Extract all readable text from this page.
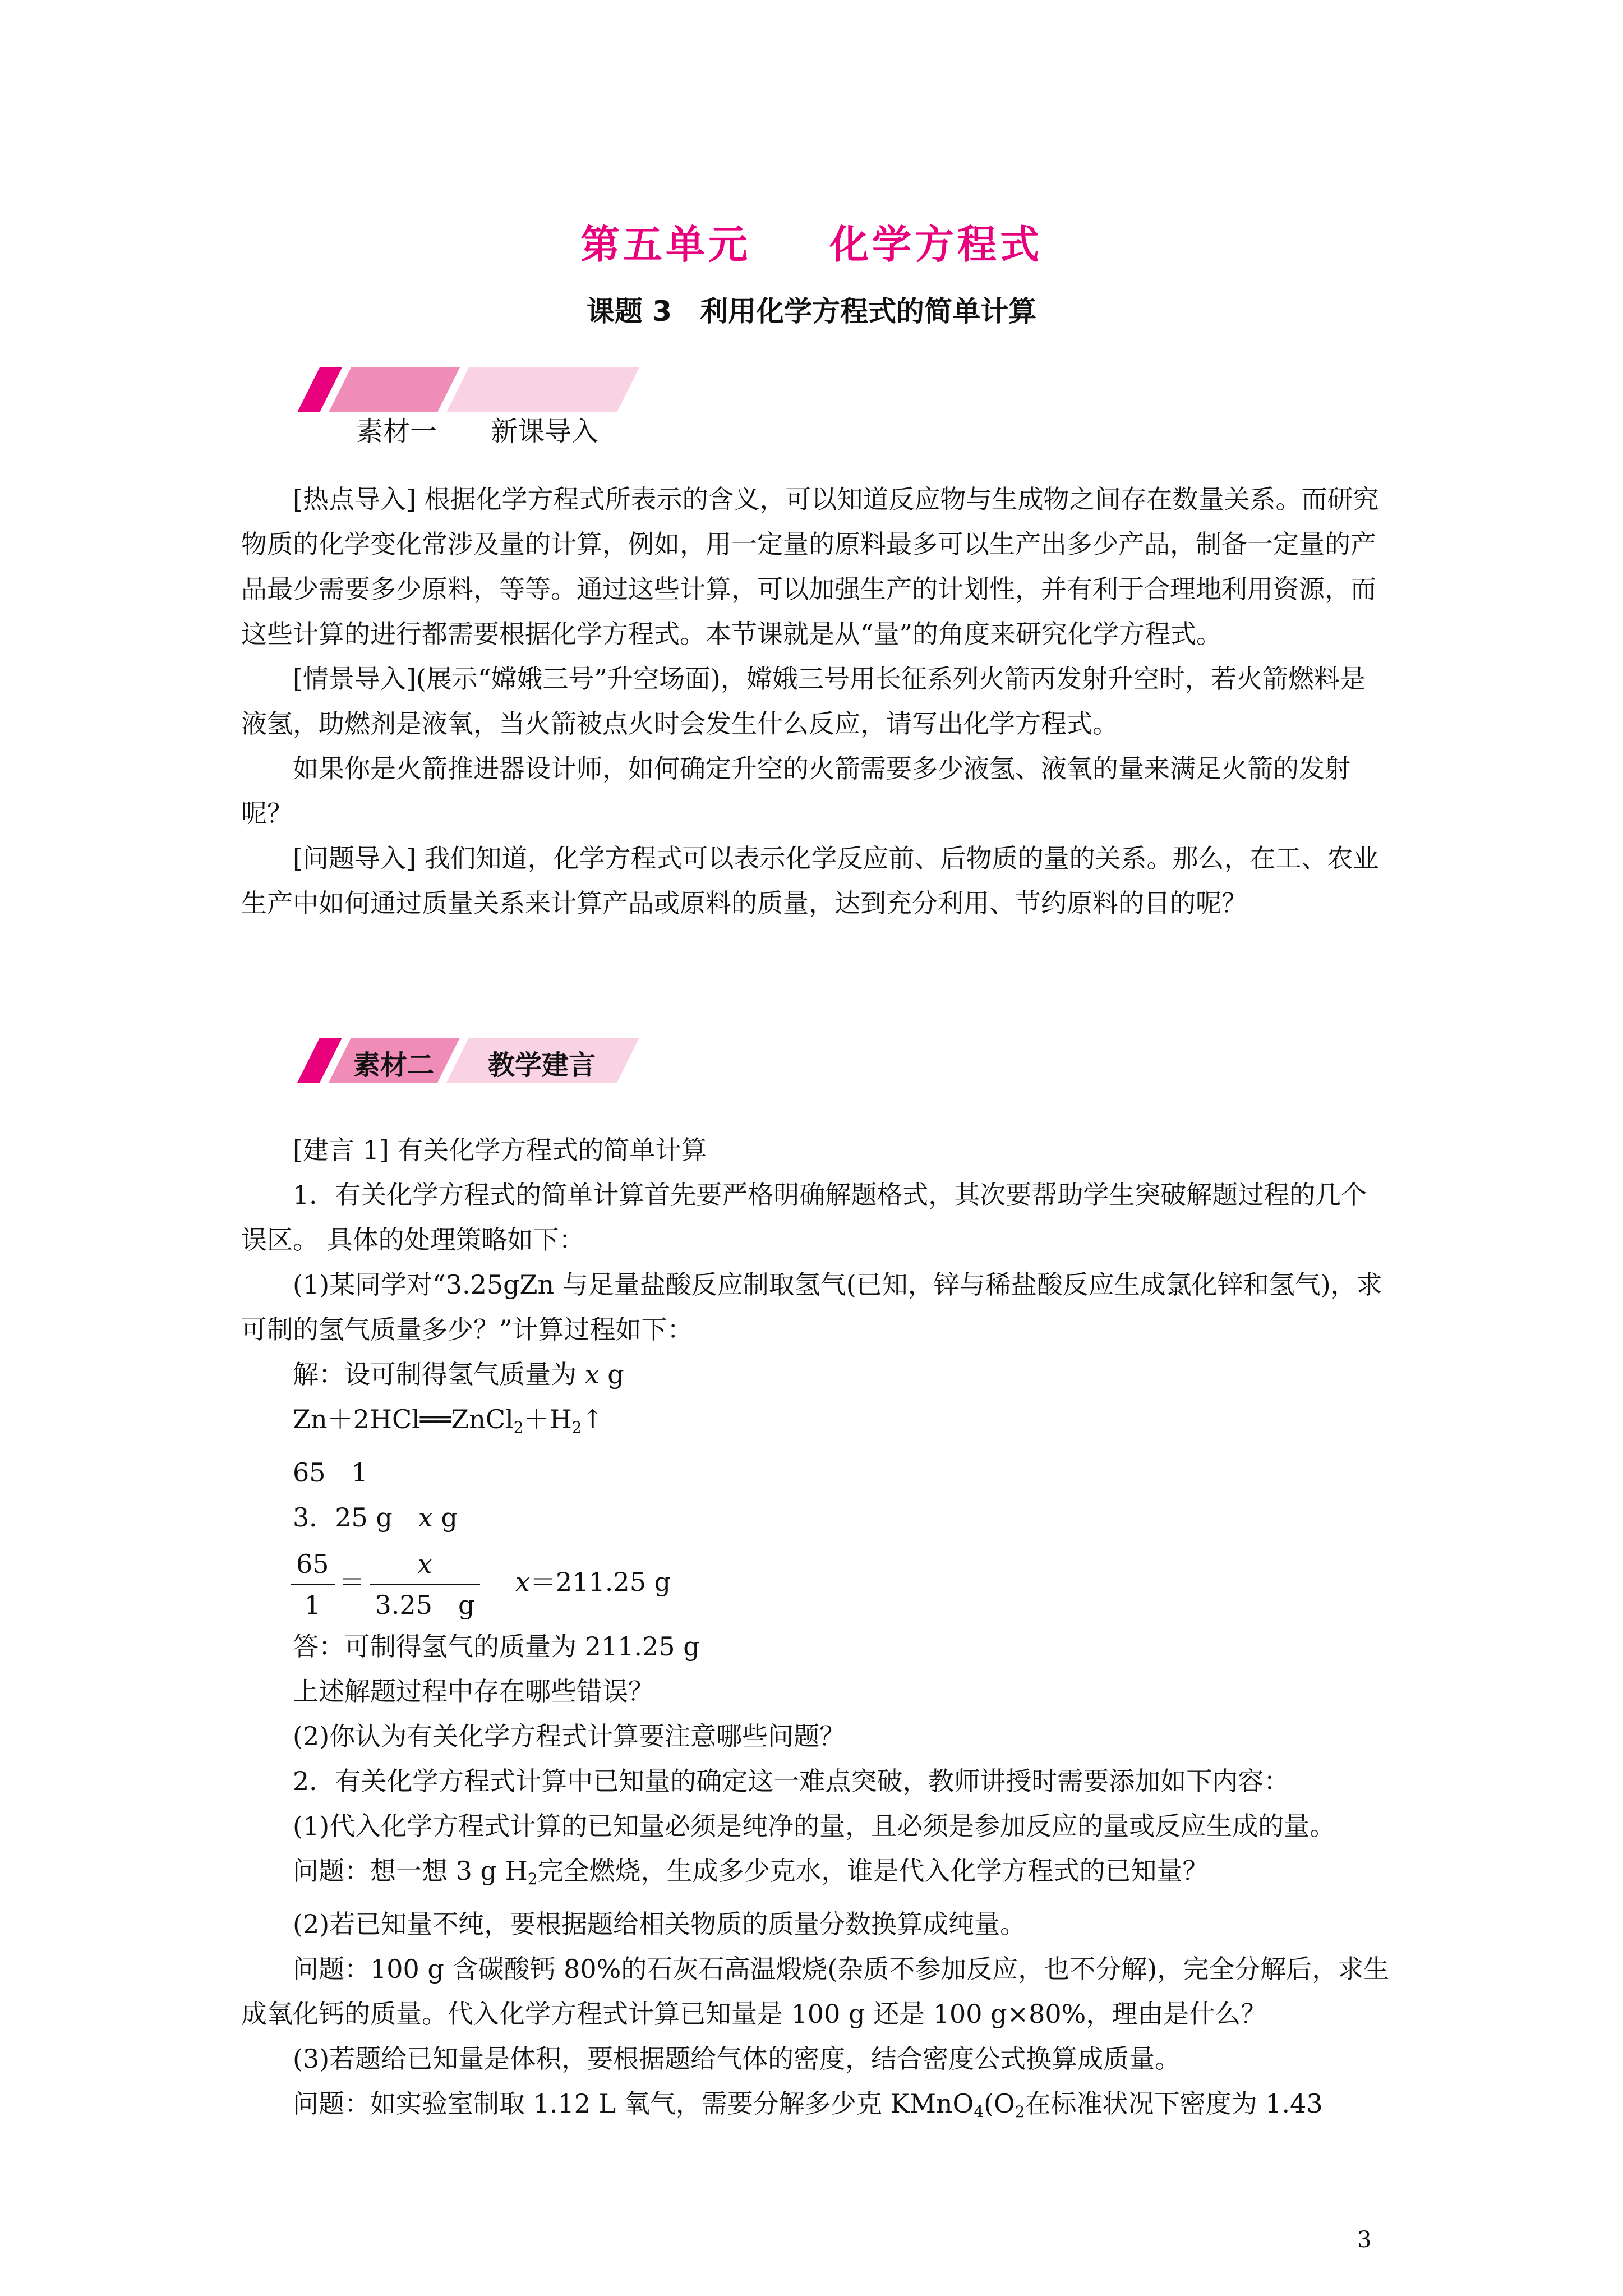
第五单元 化学方程式
课题 3　利用化学方程式的简单计算
素材一　　新课导入

[热点导入] 根据化学方程式所表示的含义，可以知道反应物与生成物之间存在数量关系。而研究物质的化学变化常涉及量的计算，例如，用一定量的原料最多可以生产出多少产品，制备一定量的产品最少需要多少原料，等等。通过这些计算，可以加强生产的计划性，并有利于合理地利用资源，而这些计算的进行都需要根据化学方程式。本节课就是从“量”的角度来研究化学方程式。

[情景导入](展示“嫦娥三号”升空场面)，嫦娥三号用长征系列火箭丙发射升空时，若火箭燃料是液氢，助燃剂是液氧，当火箭被点火时会发生什么反应，请写出化学方程式。

如果你是火箭推进器设计师，如何确定升空的火箭需要多少液氢、液氧的量来满足火箭的发射呢？

[问题导入] 我们知道，化学方程式可以表示化学反应前、后物质的量的关系。那么，在工、农业生产中如何通过质量关系来计算产品或原料的质量，达到充分利用、节约原料的目的呢？

素材二 教学建言

[建言 1] 有关化学方程式的简单计算

1．有关化学方程式的简单计算首先要严格明确解题格式，其次要帮助学生突破解题过程的几个误区。 具体的处理策略如下：

(1)某同学对“3.25gZn 与足量盐酸反应制取氢气(已知，锌与稀盐酸反应生成氯化锌和氢气)，求可制的氢气质量多少？”计算过程如下：

解：设可制得氢气质量为 x g

$Zn+2HCl══ZnCl_2+H_2↑$

65　1

3．25 g　x g

$\frac{65}{1} = \frac{x}{3.25 g} x=211.25$ g

答：可制得氢气的质量为 211.25 g

上述解题过程中存在哪些错误？

(2)你认为有关化学方程式计算要注意哪些问题？

2．有关化学方程式计算中已知量的确定这一难点突破，教师讲授时需要添加如下内容：

(1)代入化学方程式计算的已知量必须是纯净的量，且必须是参加反应的量或反应生成的量。

问题：想一想 3 g $H_2$完全燃烧，生成多少克水，谁是代入化学方程式的已知量？

(2)若已知量不纯，要根据题给相关物质的质量分数换算成纯量。

问题：100 g 含碳酸钙 80%的石灰石高温煅烧(杂质不参加反应，也不分解)，完全分解后，求生成氧化钙的质量。代入化学方程式计算已知量是 100 g 还是 100 g×80%，理由是什么？

(3)若题给已知量是体积，要根据题给气体的密度，结合密度公式换算成质量。

问题：如实验室制取 1.12 L 氧气，需要分解多少克 $KMnO_4(O_2$在标准状况下密度为 1.43

3
